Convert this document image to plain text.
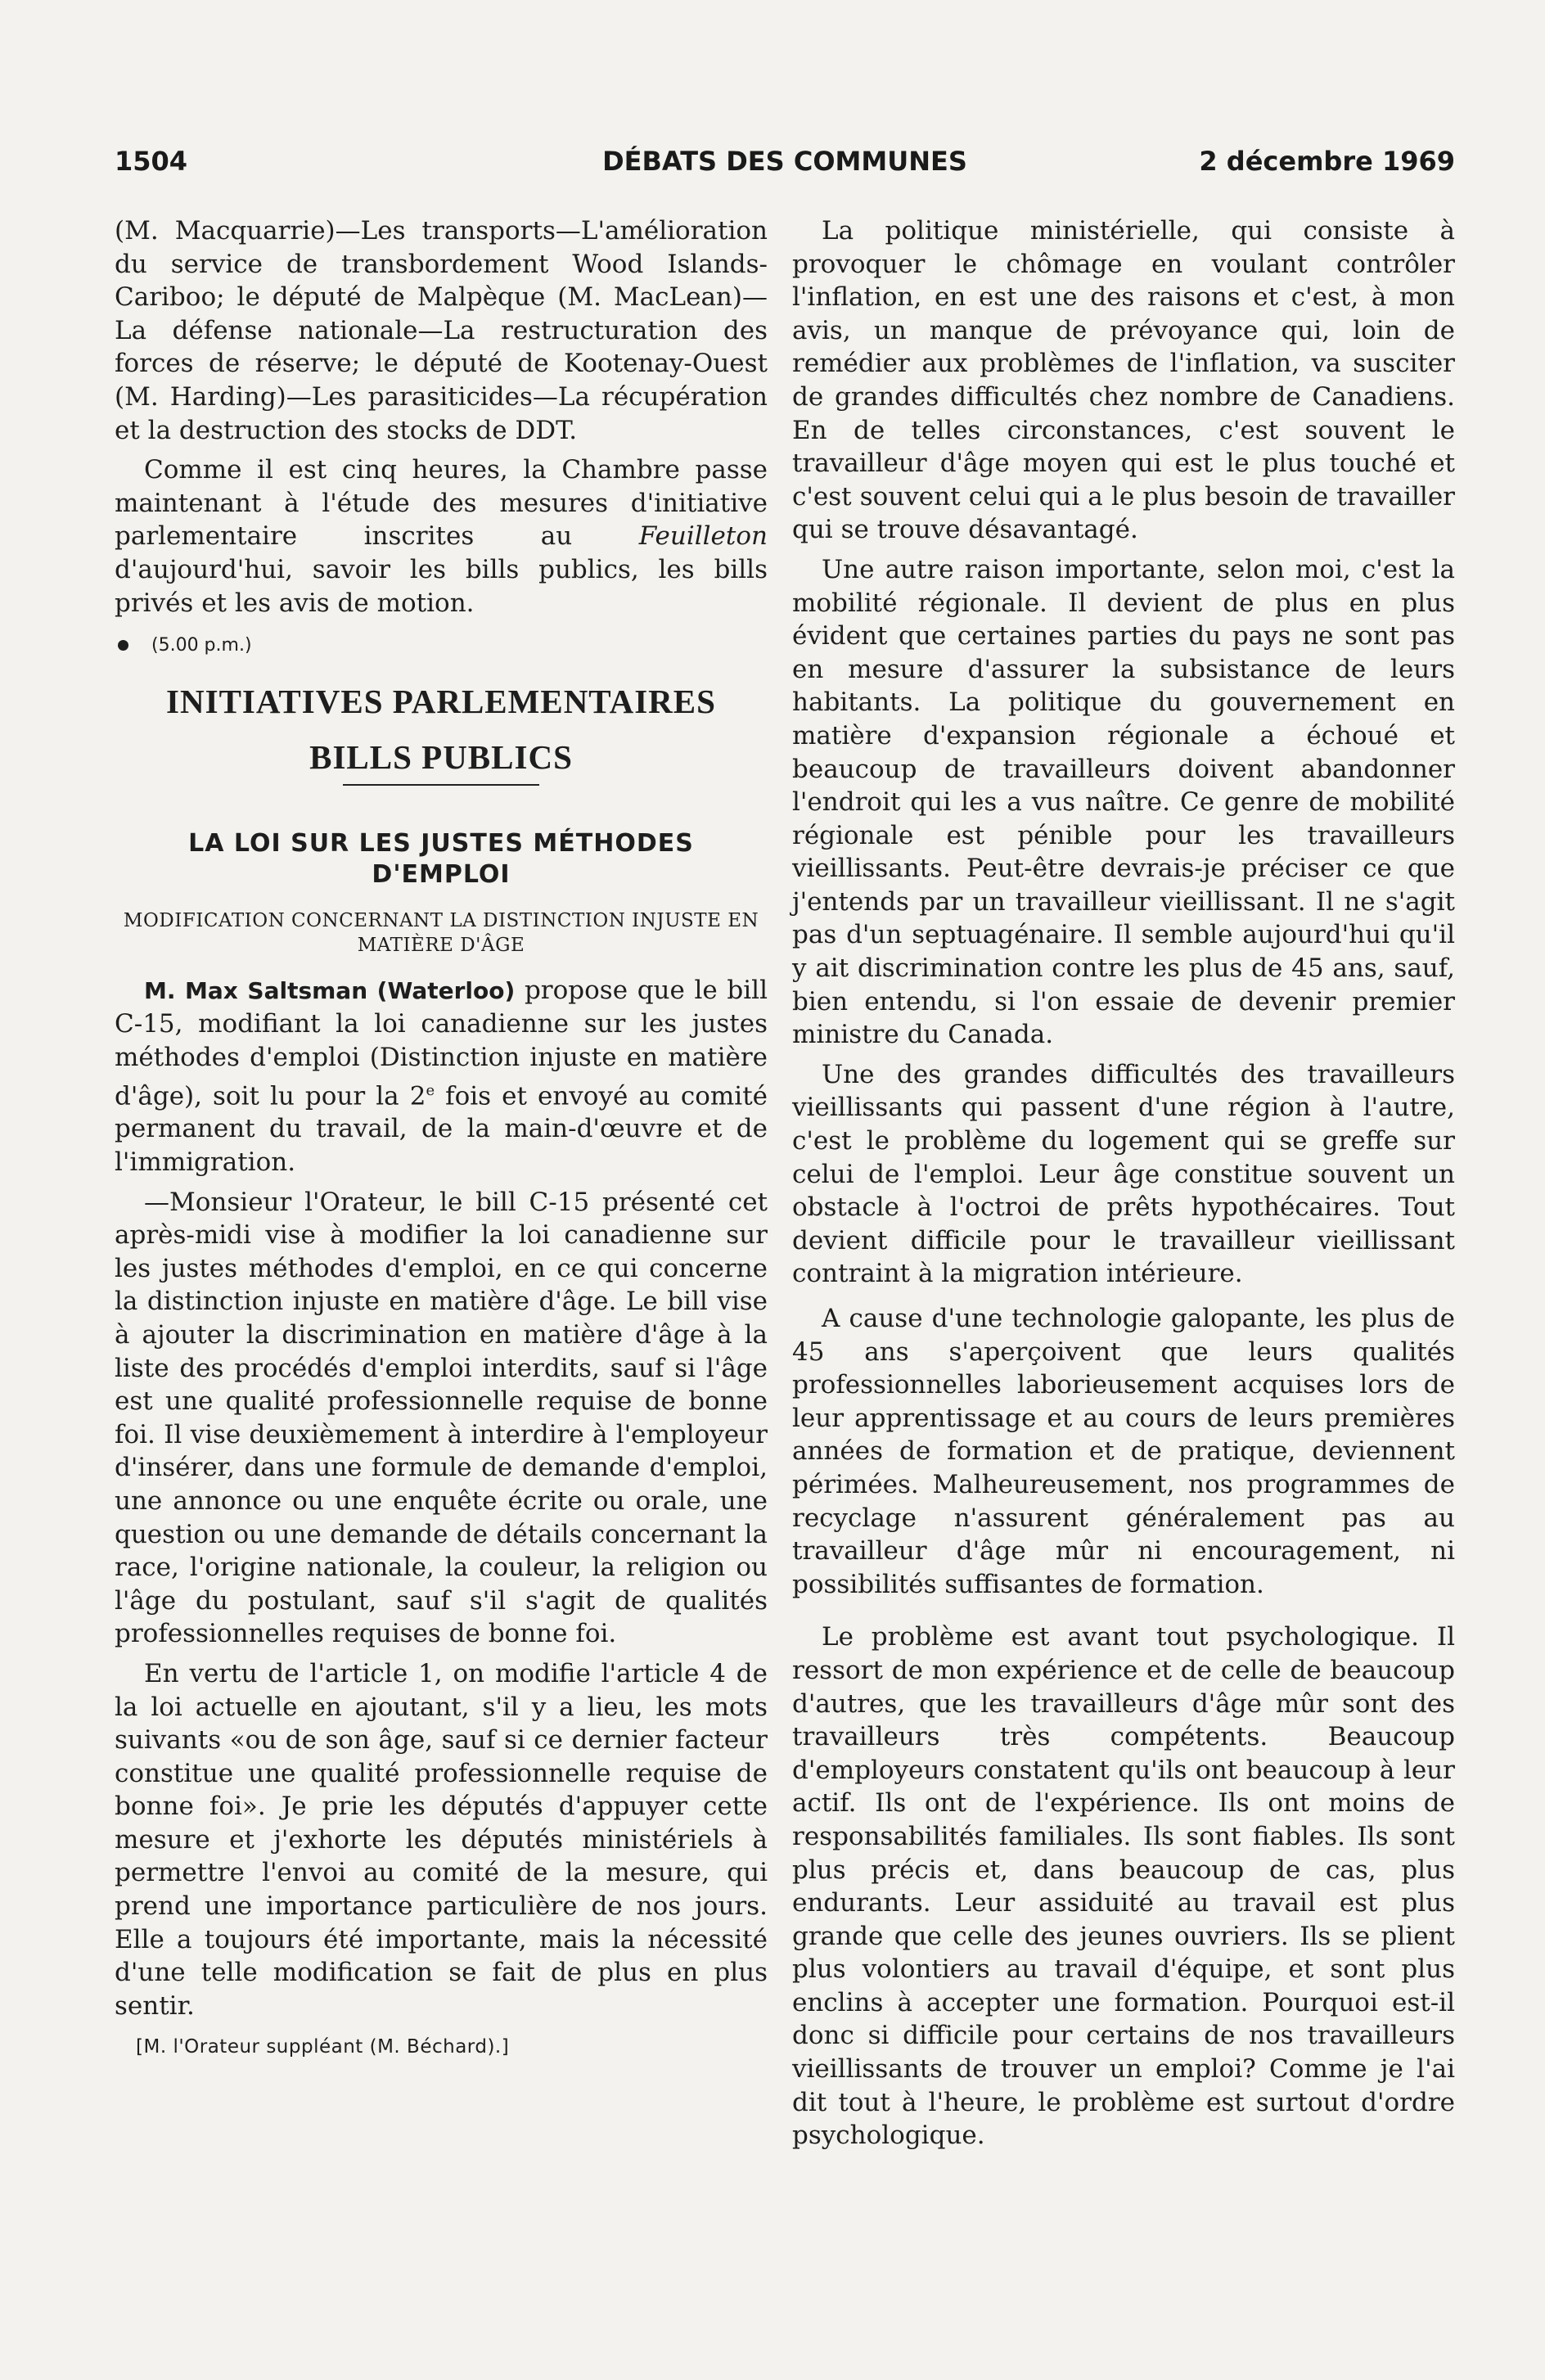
1504	DÉBATS DES COMMUNES	2 décembre 1969

(M. Macquarrie)—Les transports—L'amélioration du service de transbordement Wood Islands-Cariboo; le député de Malpèque (M. MacLean)—La défense nationale—La restructuration des forces de réserve; le député de Kootenay-Ouest (M. Harding)—Les parasiticides—La récupération et la destruction des stocks de DDT.

Comme il est cinq heures, la Chambre passe maintenant à l'étude des mesures d'initiative parlementaire inscrites au Feuilleton d'aujourd'hui, savoir les bills publics, les bills privés et les avis de motion.

(5.00 p.m.)
INITIATIVES PARLEMENTAIRES
BILLS PUBLICS
LA LOI SUR LES JUSTES MÉTHODES D'EMPLOI
MODIFICATION CONCERNANT LA DISTINCTION INJUSTE EN MATIÈRE D'ÂGE

M. Max Saltsman (Waterloo) propose que le bill C-15, modifiant la loi canadienne sur les justes méthodes d'emploi (Distinction injuste en matière d'âge), soit lu pour la 2e fois et envoyé au comité permanent du travail, de la main-d'œuvre et de l'immigration.

—Monsieur l'Orateur, le bill C-15 présenté cet après-midi vise à modifier la loi canadienne sur les justes méthodes d'emploi, en ce qui concerne la distinction injuste en matière d'âge. Le bill vise à ajouter la discrimination en matière d'âge à la liste des procédés d'emploi interdits, sauf si l'âge est une qualité professionnelle requise de bonne foi. Il vise deuxièmement à interdire à l'employeur d'insérer, dans une formule de demande d'emploi, une annonce ou une enquête écrite ou orale, une question ou une demande de détails concernant la race, l'origine nationale, la couleur, la religion ou l'âge du postulant, sauf s'il s'agit de qualités professionnelles requises de bonne foi.

En vertu de l'article 1, on modifie l'article 4 de la loi actuelle en ajoutant, s'il y a lieu, les mots suivants «ou de son âge, sauf si ce dernier facteur constitue une qualité professionnelle requise de bonne foi». Je prie les députés d'appuyer cette mesure et j'exhorte les députés ministériels à permettre l'envoi au comité de la mesure, qui prend une importance particulière de nos jours. Elle a toujours été importante, mais la nécessité d'une telle modification se fait de plus en plus sentir.

[M. l'Orateur suppléant (M. Béchard).]

La politique ministérielle, qui consiste à provoquer le chômage en voulant contrôler l'inflation, en est une des raisons et c'est, à mon avis, un manque de prévoyance qui, loin de remédier aux problèmes de l'inflation, va susciter de grandes difficultés chez nombre de Canadiens. En de telles circonstances, c'est souvent le travailleur d'âge moyen qui est le plus touché et c'est souvent celui qui a le plus besoin de travailler qui se trouve désavantagé.

Une autre raison importante, selon moi, c'est la mobilité régionale. Il devient de plus en plus évident que certaines parties du pays ne sont pas en mesure d'assurer la subsistance de leurs habitants. La politique du gouvernement en matière d'expansion régionale a échoué et beaucoup de travailleurs doivent abandonner l'endroit qui les a vus naître. Ce genre de mobilité régionale est pénible pour les travailleurs vieillissants. Peut-être devrais-je préciser ce que j'entends par un travailleur vieillissant. Il ne s'agit pas d'un septuagénaire. Il semble aujourd'hui qu'il y ait discrimination contre les plus de 45 ans, sauf, bien entendu, si l'on essaie de devenir premier ministre du Canada.

Une des grandes difficultés des travailleurs vieillissants qui passent d'une région à l'autre, c'est le problème du logement qui se greffe sur celui de l'emploi. Leur âge constitue souvent un obstacle à l'octroi de prêts hypothécaires. Tout devient difficile pour le travailleur vieillissant contraint à la migration intérieure.

A cause d'une technologie galopante, les plus de 45 ans s'aperçoivent que leurs qualités professionnelles laborieusement acquises lors de leur apprentissage et au cours de leurs premières années de formation et de pratique, deviennent périmées. Malheureusement, nos programmes de recyclage n'assurent généralement pas au travailleur d'âge mûr ni encouragement, ni possibilités suffisantes de formation.

Le problème est avant tout psychologique. Il ressort de mon expérience et de celle de beaucoup d'autres, que les travailleurs d'âge mûr sont des travailleurs très compétents. Beaucoup d'employeurs constatent qu'ils ont beaucoup à leur actif. Ils ont de l'expérience. Ils ont moins de responsabilités familiales. Ils sont fiables. Ils sont plus précis et, dans beaucoup de cas, plus endurants. Leur assiduité au travail est plus grande que celle des jeunes ouvriers. Ils se plient plus volontiers au travail d'équipe, et sont plus enclins à accepter une formation. Pourquoi est-il donc si difficile pour certains de nos travailleurs vieillissants de trouver un emploi? Comme je l'ai dit tout à l'heure, le problème est surtout d'ordre psychologique.
